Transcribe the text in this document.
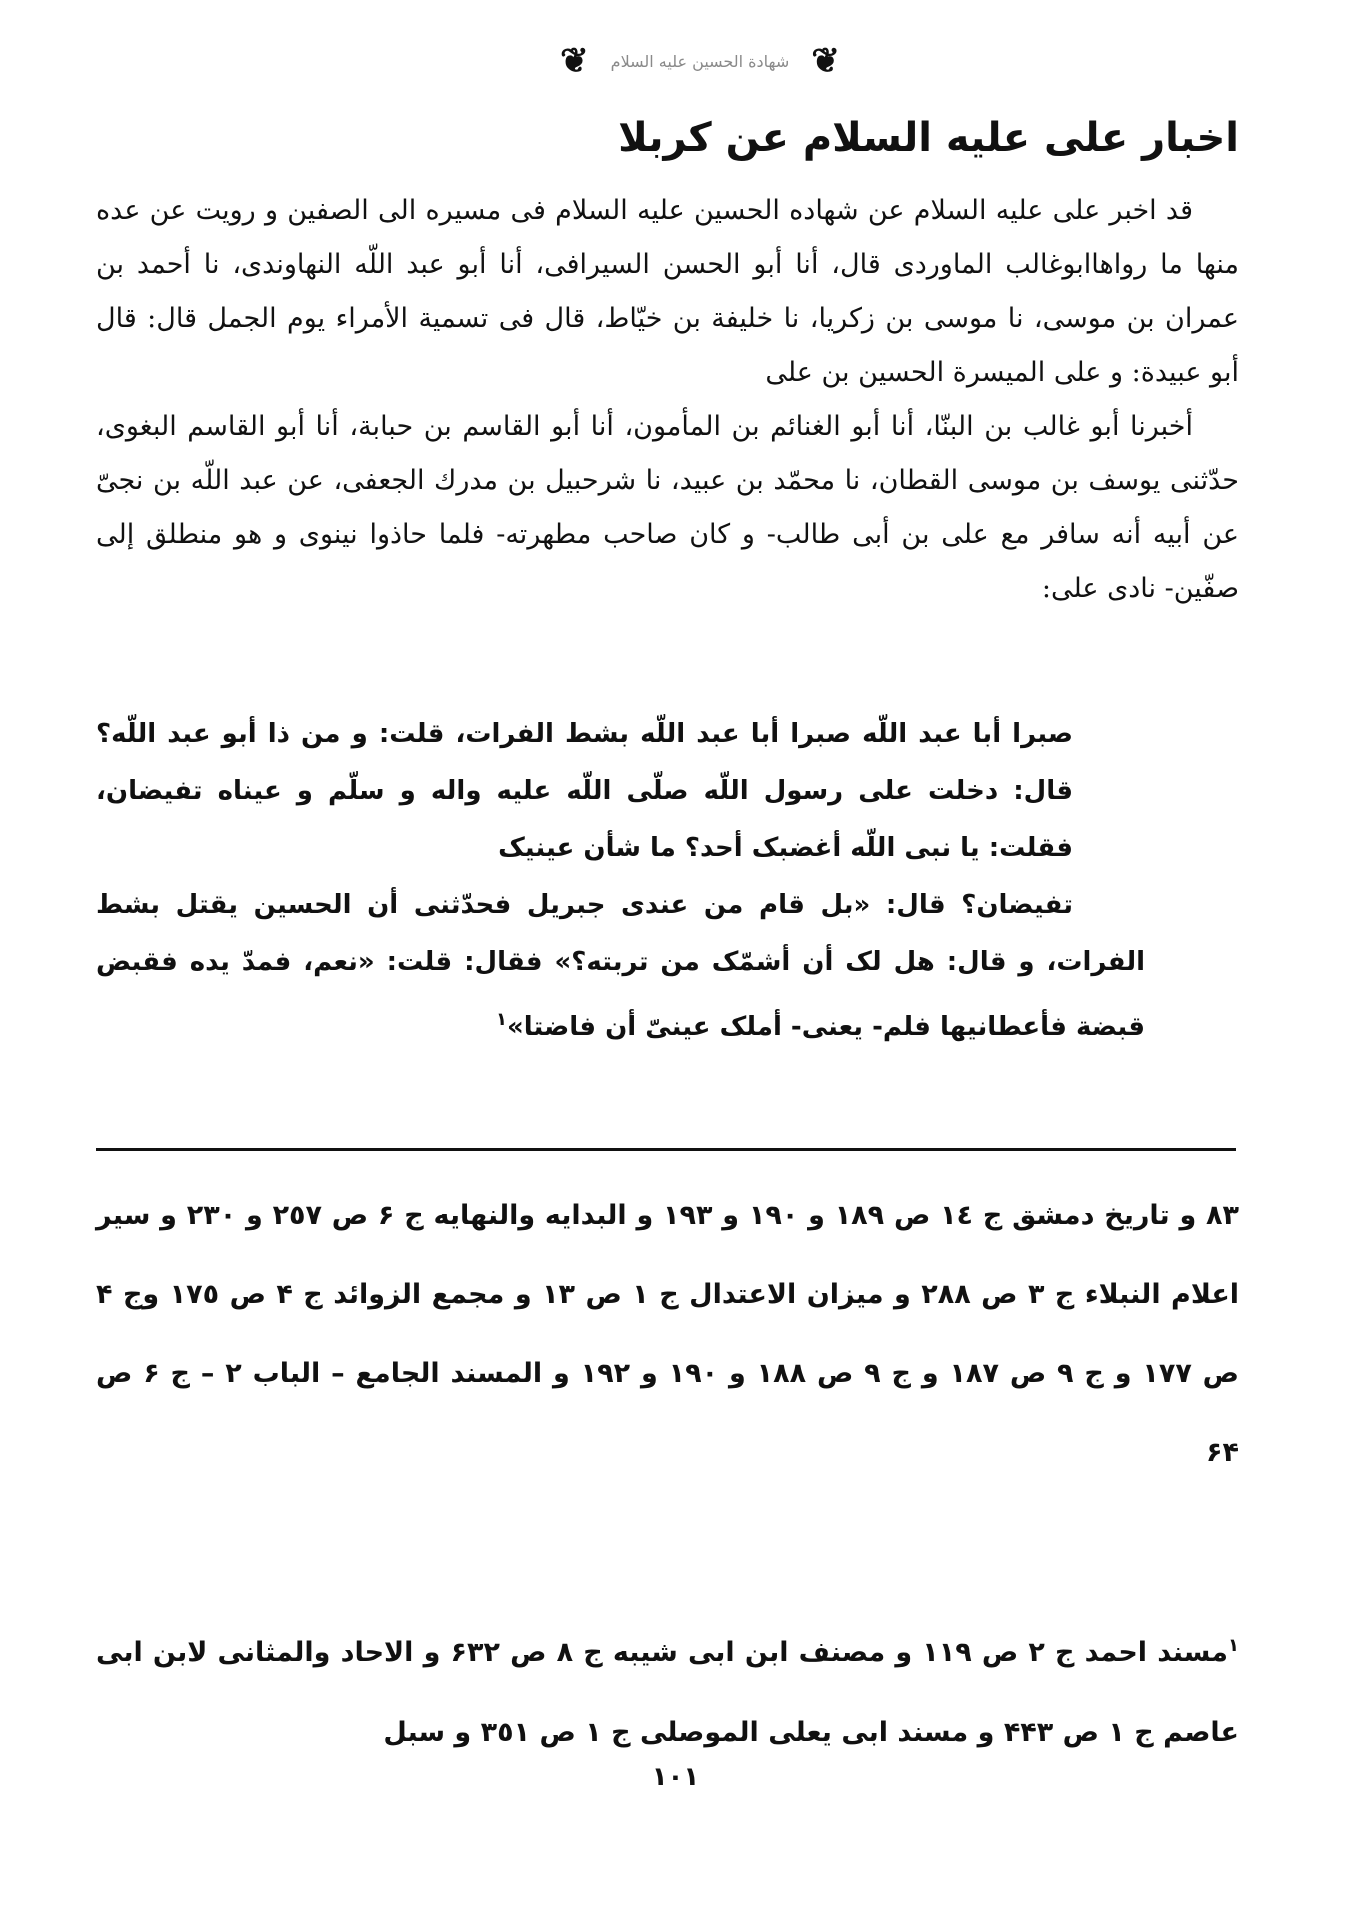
❦ شهادة الحسين عليه السلام ❦
اخبار على عليه السلام عن كربلا

قد اخبر على عليه السلام عن شهاده الحسين عليه السلام فى مسيره الى الصفين و رويت عن عده منها ما رواهاابوغالب الماوردى قال، أنا أبو الحسن السيرافى، أنا أبو عبد اللّه النهاوندى، نا أحمد بن عمران بن موسى، نا موسى بن زكريا، نا خليفة بن خيّاط، قال فى تسمية الأمراء يوم الجمل قال: قال أبو عبيدة: و على الميسرة الحسين بن على

أخبرنا أبو غالب بن البنّا، أنا أبو الغنائم بن المأمون، أنا أبو القاسم بن حبابة، أنا أبو القاسم البغوى، حدّثنى يوسف بن موسى القطان، نا محمّد بن عبيد، نا شرحبيل بن مدرك الجعفى، عن عبد اللّه بن نجىّ عن أبيه أنه سافر مع على بن أبى طالب- و كان صاحب مطهرته- فلما حاذوا نينوى و هو منطلق إلى صفّين- نادى على:

صبرا أبا عبد اللّه صبرا أبا عبد اللّه بشط الفرات، قلت: و من ذا أبو عبد اللّه؟ قال: دخلت على رسول اللّه صلّى اللّه عليه واله و سلّم و عيناه تفيضان، فقلت: يا نبى اللّه أغضبک أحد؟ ما شأن عينيک

تفيضان؟ قال: «بل قام من عندى جبريل فحدّثنى أن الحسين يقتل بشط الفرات، و قال: هل لک أن أشمّک من تربته؟» فقال: قلت: «نعم، فمدّ يده فقبض قبضة فأعطانيها فلم- يعنى- أملک عينىّ أن فاضتا»$^١$

٨٣ و تاريخ دمشق ج ١٤ ص ١٨٩ و ١٩٠ و ١٩٣ و البدايه والنهايه ج ۶ ص ٢٥٧ و ٢٣٠ و سير اعلام النبلاء ج ٣ ص ٢٨٨ و ميزان الاعتدال ج ١ ص ١٣ و مجمع الزوائد ج ۴ ص ١٧٥ وج ۴ ص ١٧٧ و ج ٩ ص ١٨٧ و ج ٩ ص ١٨٨ و ١٩٠ و ١٩٢ و المسند الجامع – الباب ٢ – ج ۶ ص ۶۴

$^١$مسند احمد ج ٢ ص ١١٩ و مصنف ابن ابى شيبه ج ٨ ص ۶٣٢ و الاحاد والمثانى لابن ابى عاصم ج ١ ص ۴۴٣ و مسند ابى يعلى الموصلى ج ١ ص ٣٥١ و سبل

١٠١
